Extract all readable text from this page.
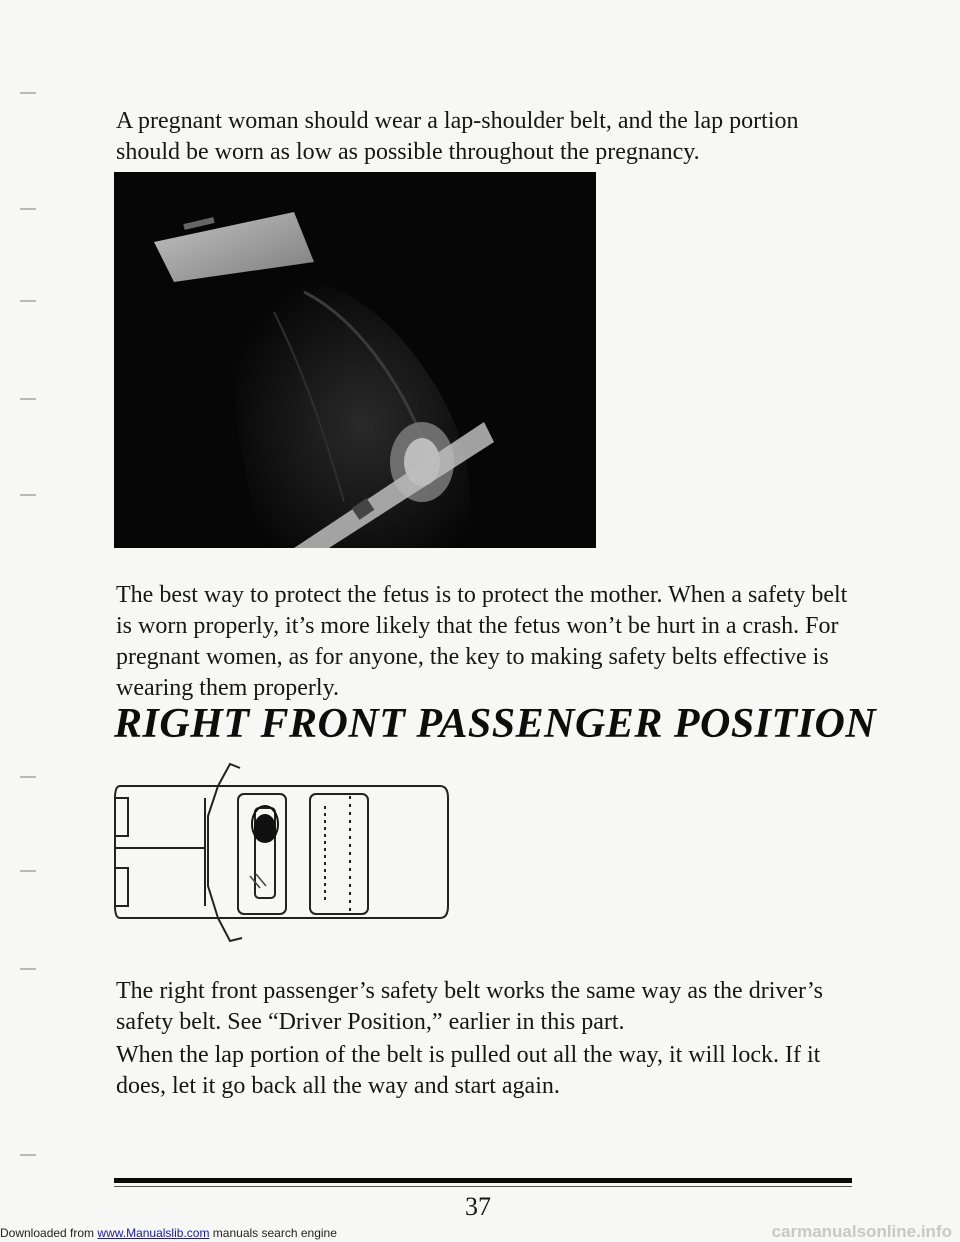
A pregnant woman should wear a lap-shoulder belt, and the lap portion should be worn as low as possible throughout the pregnancy.

The best way to protect the fetus is to protect the mother. When a safety belt is worn properly, it’s more likely that the fetus won’t be hurt in a crash. For pregnant women, as for anyone, the key to making safety belts effective is wearing them properly.

RIGHT FRONT PASSENGER POSITION

The right front passenger’s safety belt works the same way as the driver’s safety belt. See “Driver Position,” earlier in this part.

When the lap portion of the belt is pulled out all the way, it will lock. If it does, let it go back all the way and start again.

37
Downloaded from www.Manualslib.com manuals search engine	carmanualsonline.info
